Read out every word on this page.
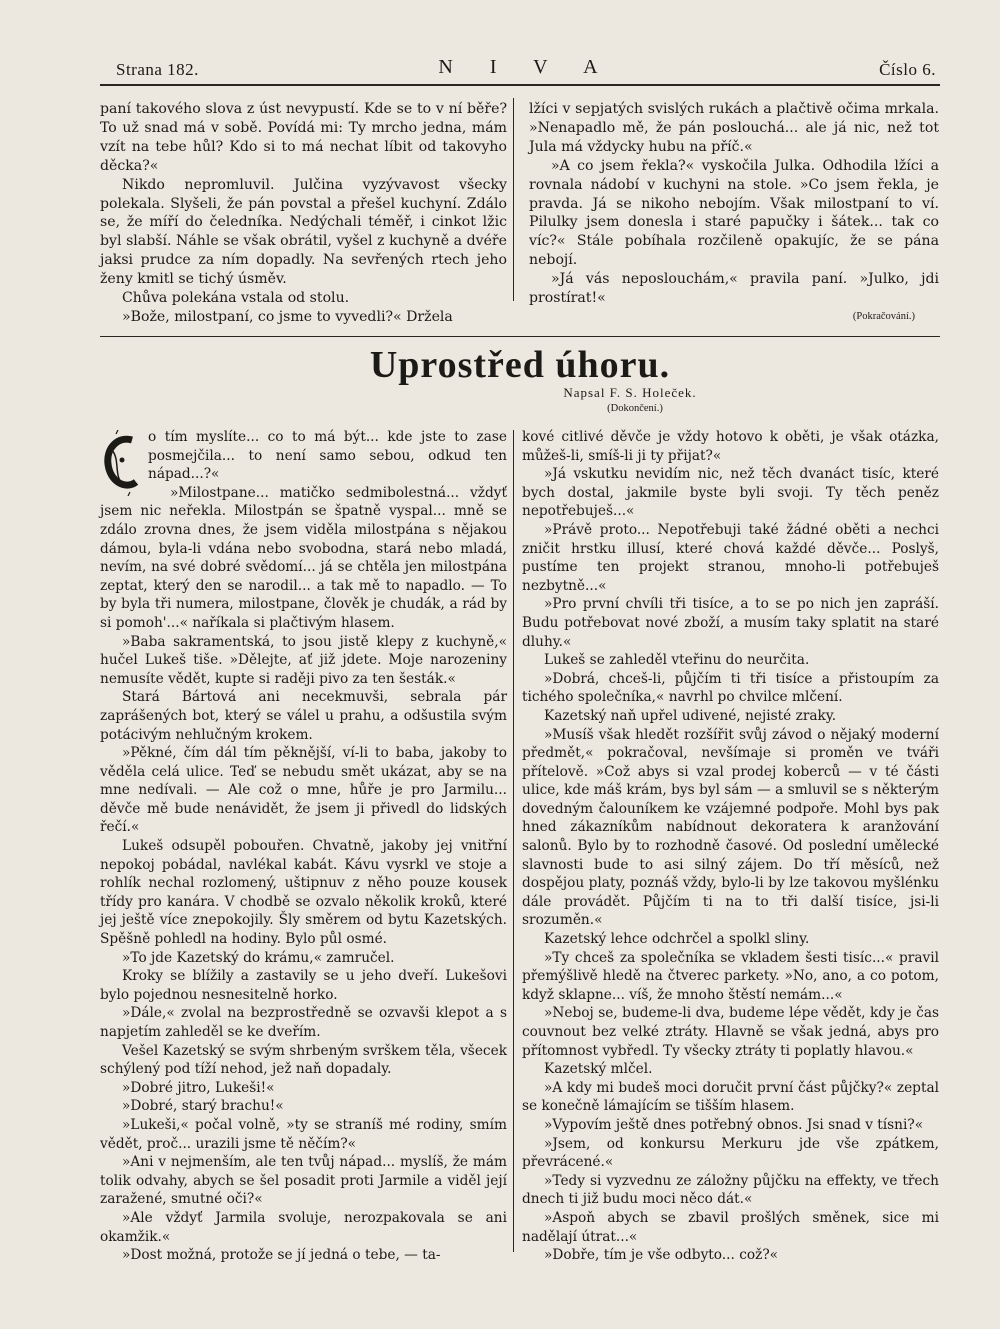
Strana 182.	N I V A	Číslo 6.

paní takového slova z úst nevypustí. Kde se to v ní běře? To už snad má v sobě. Povídá mi: Ty mrcho jedna, mám vzít na tebe hůl? Kdo si to má nechat líbit od takovyho děcka?«

Nikdo nepromluvil. Julčina vyzývavost všecky polekala. Slyšeli, že pán povstal a přešel kuchyní. Zdálo se, že míří do čeledníka. Nedýchali téměř, i cinkot lžic byl slabší. Náhle se však obrátil, vyšel z kuchyně a dvéře jaksi prudce za ním dopadly. Na sevřených rtech jeho ženy kmitl se tichý úsměv.

Chůva polekána vstala od stolu.

»Bože, milostpaní, co jsme to vyvedli?« Držela

lžíci v sepjatých svislých rukách a plačtivě očima mrkala. »Nenapadlo mě, že pán poslouchá... ale já nic, než tot Jula má vždycky hubu na příč.«

»A co jsem řekla?« vyskočila Julka. Odhodila lžíci a rovnala nádobí v kuchyni na stole. »Co jsem řekla, je pravda. Já se nikoho nebojím. Však milostpaní to ví. Pilulky jsem donesla i staré papučky i šátek... tak co víc?« Stále pobíhala rozčileně opakujíc, že se pána nebojí.

»Já vás neposlouchám,« pravila paní. »Julko, jdi prostírat!«

(Pokračování.)

Uprostřed úhoru.
Napsal F. S. Holeček.
(Dokončení.)

o tím myslíte... co to má být... kde jste to zase posmejčila... to není samo sebou, odkud ten nápad...?«

»Milostpane... matičko sedmibolestná... vždyť jsem nic neřekla. Milostpán se špatně vyspal... mně se zdálo zrovna dnes, že jsem viděla milostpána s nějakou dámou, byla-li vdána nebo svobodna, stará nebo mladá, nevím, na své dobré svědomí... já se chtěla jen milostpána zeptat, který den se narodil... a tak mě to napadlo. — To by byla tři numera, milostpane, člověk je chudák, a rád by si pomoh'...« naříkala si plačtivým hlasem.

»Baba sakramentská, to jsou jistě klepy z kuchyně,« hučel Lukeš tiše. »Dělejte, ať již jdete. Moje narozeniny nemusíte vědět, kupte si raději pivo za ten šesták.«

Stará Bártová ani necekmuvši, sebrala pár zaprášených bot, který se válel u prahu, a odšustila svým potácivým nehlučným krokem.

»Pěkné, čím dál tím pěknější, ví-li to baba, jakoby to věděla celá ulice. Teď se nebudu smět ukázat, aby se na mne nedívali. — Ale což o mne, hůře je pro Jarmilu... děvče mě bude nenávidět, že jsem ji přivedl do lidských řečí.«

Lukeš odsupěl pobouřen. Chvatně, jakoby jej vnitřní nepokoj pobádal, navlékal kabát. Kávu vysrkl ve stoje a rohlík nechal rozlomený, uštipnuv z něho pouze kousek třídy pro kanára. V chodbě se ozvalo několik kroků, které jej ještě více znepokojily. Šly směrem od bytu Kazetských. Spěšně pohledl na hodiny. Bylo půl osmé.

»To jde Kazetský do krámu,« zamručel.

Kroky se blížily a zastavily se u jeho dveří. Lukešovi bylo pojednou nesnesitelně horko.

»Dále,« zvolal na bezprostředně se ozvavši klepot a s napjetím zahleděl se ke dveřím.

Vešel Kazetský se svým shrbeným svrškem těla, všecek schýlený pod tíží nehod, jež naň dopadaly.

»Dobré jitro, Lukeši!«

»Dobré, starý brachu!«

»Lukeši,« počal volně, »ty se straníš mé rodiny, smím vědět, proč... urazili jsme tě něčím?«

»Ani v nejmenším, ale ten tvůj nápad... myslíš, že mám tolik odvahy, abych se šel posadit proti Jarmile a viděl její zaražené, smutné oči?«

»Ale vždyť Jarmila svoluje, nerozpakovala se ani okamžik.«

»Dost možná, protože se jí jedná o tebe, — ta-

kové citlivé děvče je vždy hotovo k oběti, je však otázka, můžeš-li, smíš-li ji ty přijat?«

»Já vskutku nevidím nic, než těch dvanáct tisíc, které bych dostal, jakmile byste byli svoji. Ty těch peněz nepotřebuješ...«

»Právě proto... Nepotřebuji také žádné oběti a nechci zničit hrstku illusí, které chová každé děvče... Poslyš, pustíme ten projekt stranou, mnoho-li potřebuješ nezbytně...«

»Pro první chvíli tři tisíce, a to se po nich jen zapráší. Budu potřebovat nové zboží, a musím taky splatit na staré dluhy.«

Lukeš se zahleděl vteřinu do neurčita.

»Dobrá, chceš-li, půjčím ti tři tisíce a přistoupím za tichého společníka,« navrhl po chvilce mlčení.

Kazetský naň upřel udivené, nejisté zraky.

»Musíš však hledět rozšířit svůj závod o nějaký moderní předmět,« pokračoval, nevšímaje si proměn ve tváři přítelově. »Což abys si vzal prodej koberců — v té části ulice, kde máš krám, bys byl sám — a smluvil se s některým dovedným čalouníkem ke vzájemné podpoře. Mohl bys pak hned zákazníkům nabídnout dekoratera k aranžování salonů. Bylo by to rozhodně časové. Od poslední umělecké slavnosti bude to asi silný zájem. Do tří měsíců, než dospějou platy, poznáš vždy, bylo-li by lze takovou myšlénku dále provádět. Půjčím ti na to tři další tisíce, jsi-li srozuměn.«

Kazetský lehce odchrčel a spolkl sliny.

»Ty chceš za společníka se vkladem šesti tisíc...« pravil přemýšlivě hledě na čtverec parkety. »No, ano, a co potom, když sklapne... víš, že mnoho štěstí nemám...«

»Neboj se, budeme-li dva, budeme lépe vědět, kdy je čas couvnout bez velké ztráty. Hlavně se však jedná, abys pro přítomnost vybředl. Ty všecky ztráty ti poplatly hlavou.«

Kazetský mlčel.

»A kdy mi budeš moci doručit první část půjčky?« zeptal se konečně lámajícím se tišším hlasem.

»Vypovím ještě dnes potřebný obnos. Jsi snad v tísni?«

»Jsem, od konkursu Merkuru jde vše zpátkem, převrácené.«

»Tedy si vyzvednu ze záložny půjčku na effekty, ve třech dnech ti již budu moci něco dát.«

»Aspoň abych se zbavil prošlých směnek, sice mi nadělají útrat...«

»Dobře, tím je vše odbyto... což?«
